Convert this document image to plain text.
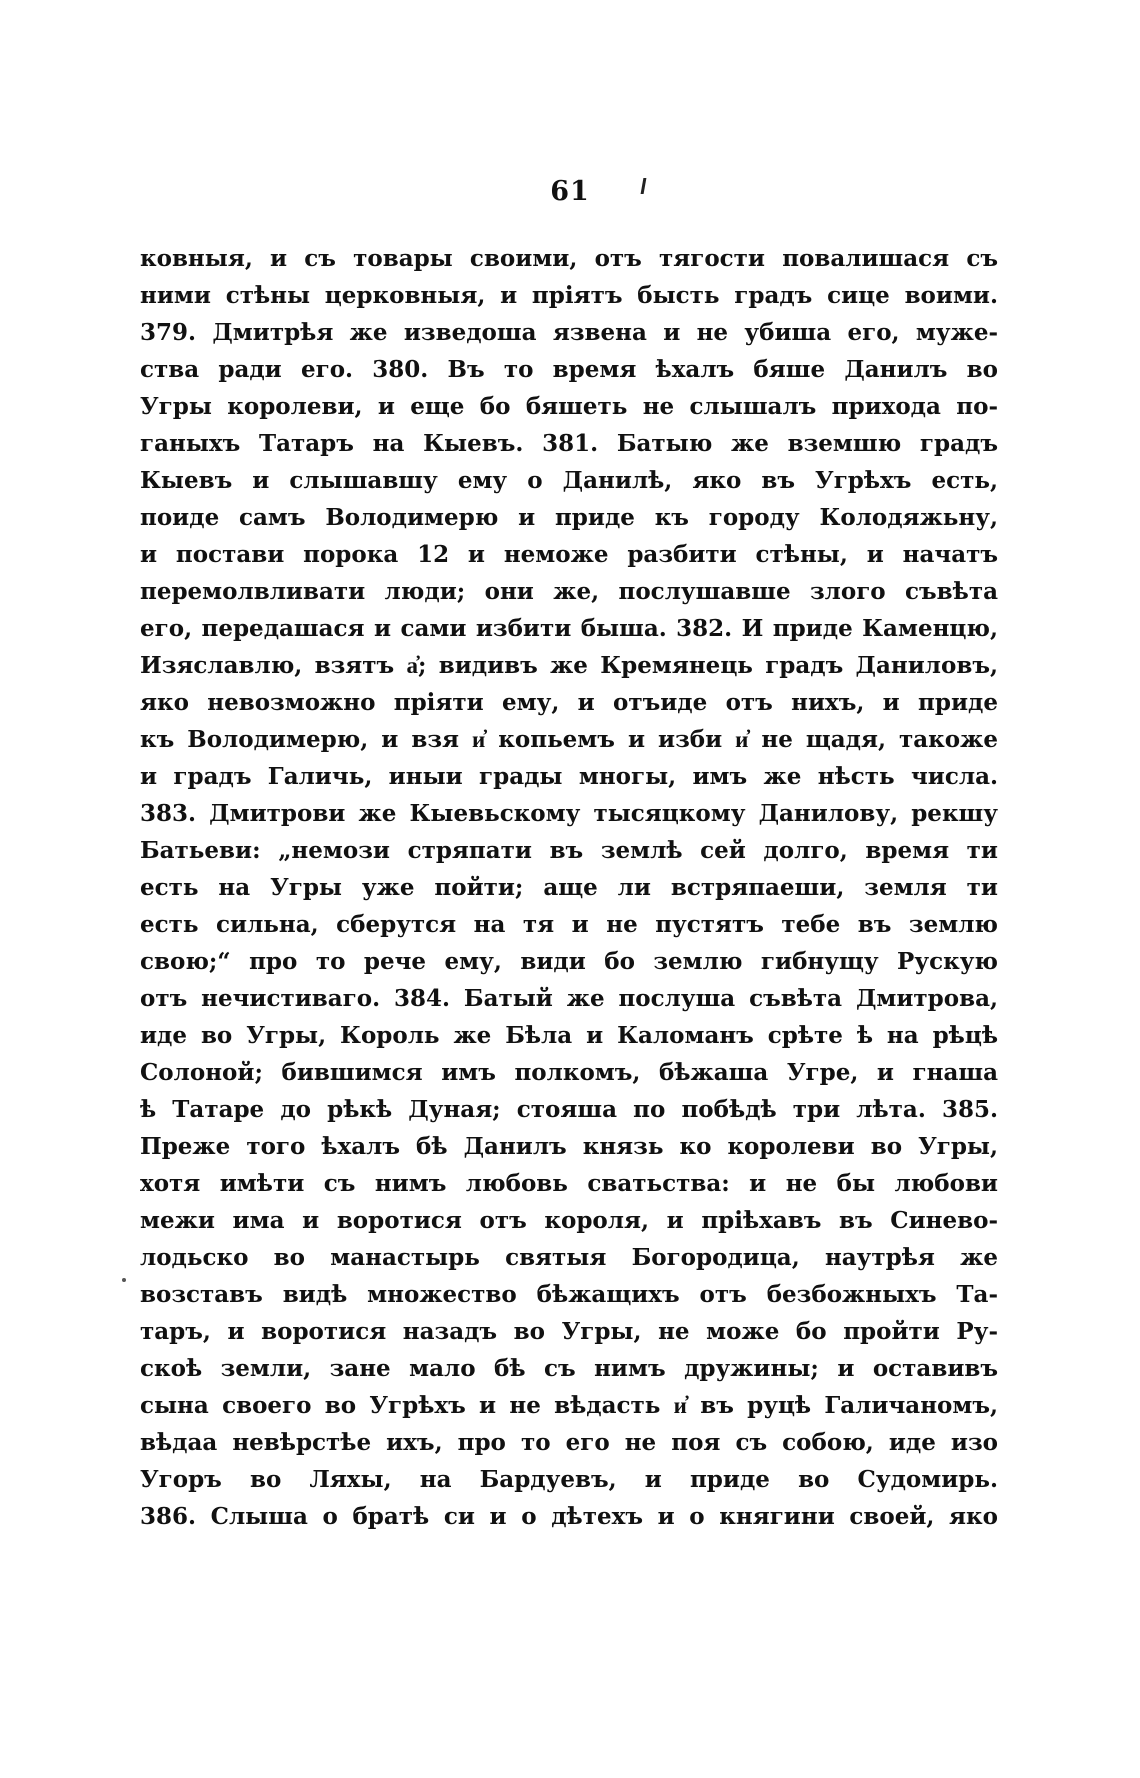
61
ковныя, и съ товары своими, отъ тягости повалишася съ
ними стѣны церковныя, и пріятъ бысть градъ сице воими.
379. Дмитрѣя же изведоша язвена и не убиша его, муже-
ства ради его. 380. Въ то время ѣхалъ бяше Данилъ во
Угры королеви, и еще бо бяшеть не слышалъ прихода по-
ганыхъ Татаръ на Кыевъ. 381. Батыю же вземшю градъ
Кыевъ и слышавшу ему о Данилѣ, яко въ Угрѣхъ есть,
поиде самъ Володимерю и приде къ городу Колодяжьну,
и постави порока 12 и неможе разбити стѣны, и начатъ
перемолвливати люди; они же, послушавше злого съвѣта
его, передашася и сами избити быша. 382. И приде Каменцю,
Изяславлю, взятъ а҆; видивъ же Кремянець градъ Даниловъ,
яко невозможно пріяти ему, и отъиде отъ нихъ, и приде
къ Володимерю, и взя и҆ копьемъ и изби и҆ не щадя, такоже
и градъ Галичь, иныи грады многы, имъ же нѣсть числа.
383. Дмитрови же Кыевьскому тысяцкому Данилову, рекшу
Батьеви: „немози стряпати въ землѣ сей долго, время ти
есть на Угры уже пойти; аще ли встряпаеши, земля ти
есть сильна, сберутся на тя и не пустятъ тебе въ землю
свою;“ про то рече ему, види бо землю гибнущу Рускую
отъ нечистиваго. 384. Батый же послуша съвѣта Дмитрова,
иде во Угры, Король же Бѣла и Каломанъ срѣте ѣ на рѣцѣ
Солоной; бившимся имъ полкомъ, бѣжаша Угре, и гнаша
ѣ Татаре до рѣкѣ Дуная; стояша по побѣдѣ три лѣта. 385.
Преже того ѣхалъ бѣ Данилъ князь ко королеви во Угры,
хотя имѣти съ нимъ любовь сватьства: и не бы любови
межи има и воротися отъ короля, и пріѣхавъ въ Синево-
лодьско во манастырь святыя Богородица, наутрѣя же
возставъ видѣ множество бѣжащихъ отъ безбожныхъ Та-
таръ, и воротися назадъ во Угры, не може бо пройти Ру-
скоѣ земли, зане мало бѣ съ нимъ дружины; и оставивъ
сына своего во Угрѣхъ и не вѣдасть и҆ въ руцѣ Галичаномъ,
вѣдаа невѣрстѣе ихъ, про то его не поя съ собою, иде изо
Угоръ во Ляхы, на Бардуевъ, и приде во Судомирь.
386. Слыша о братѣ си и о дѣтехъ и о княгини своей, яко
